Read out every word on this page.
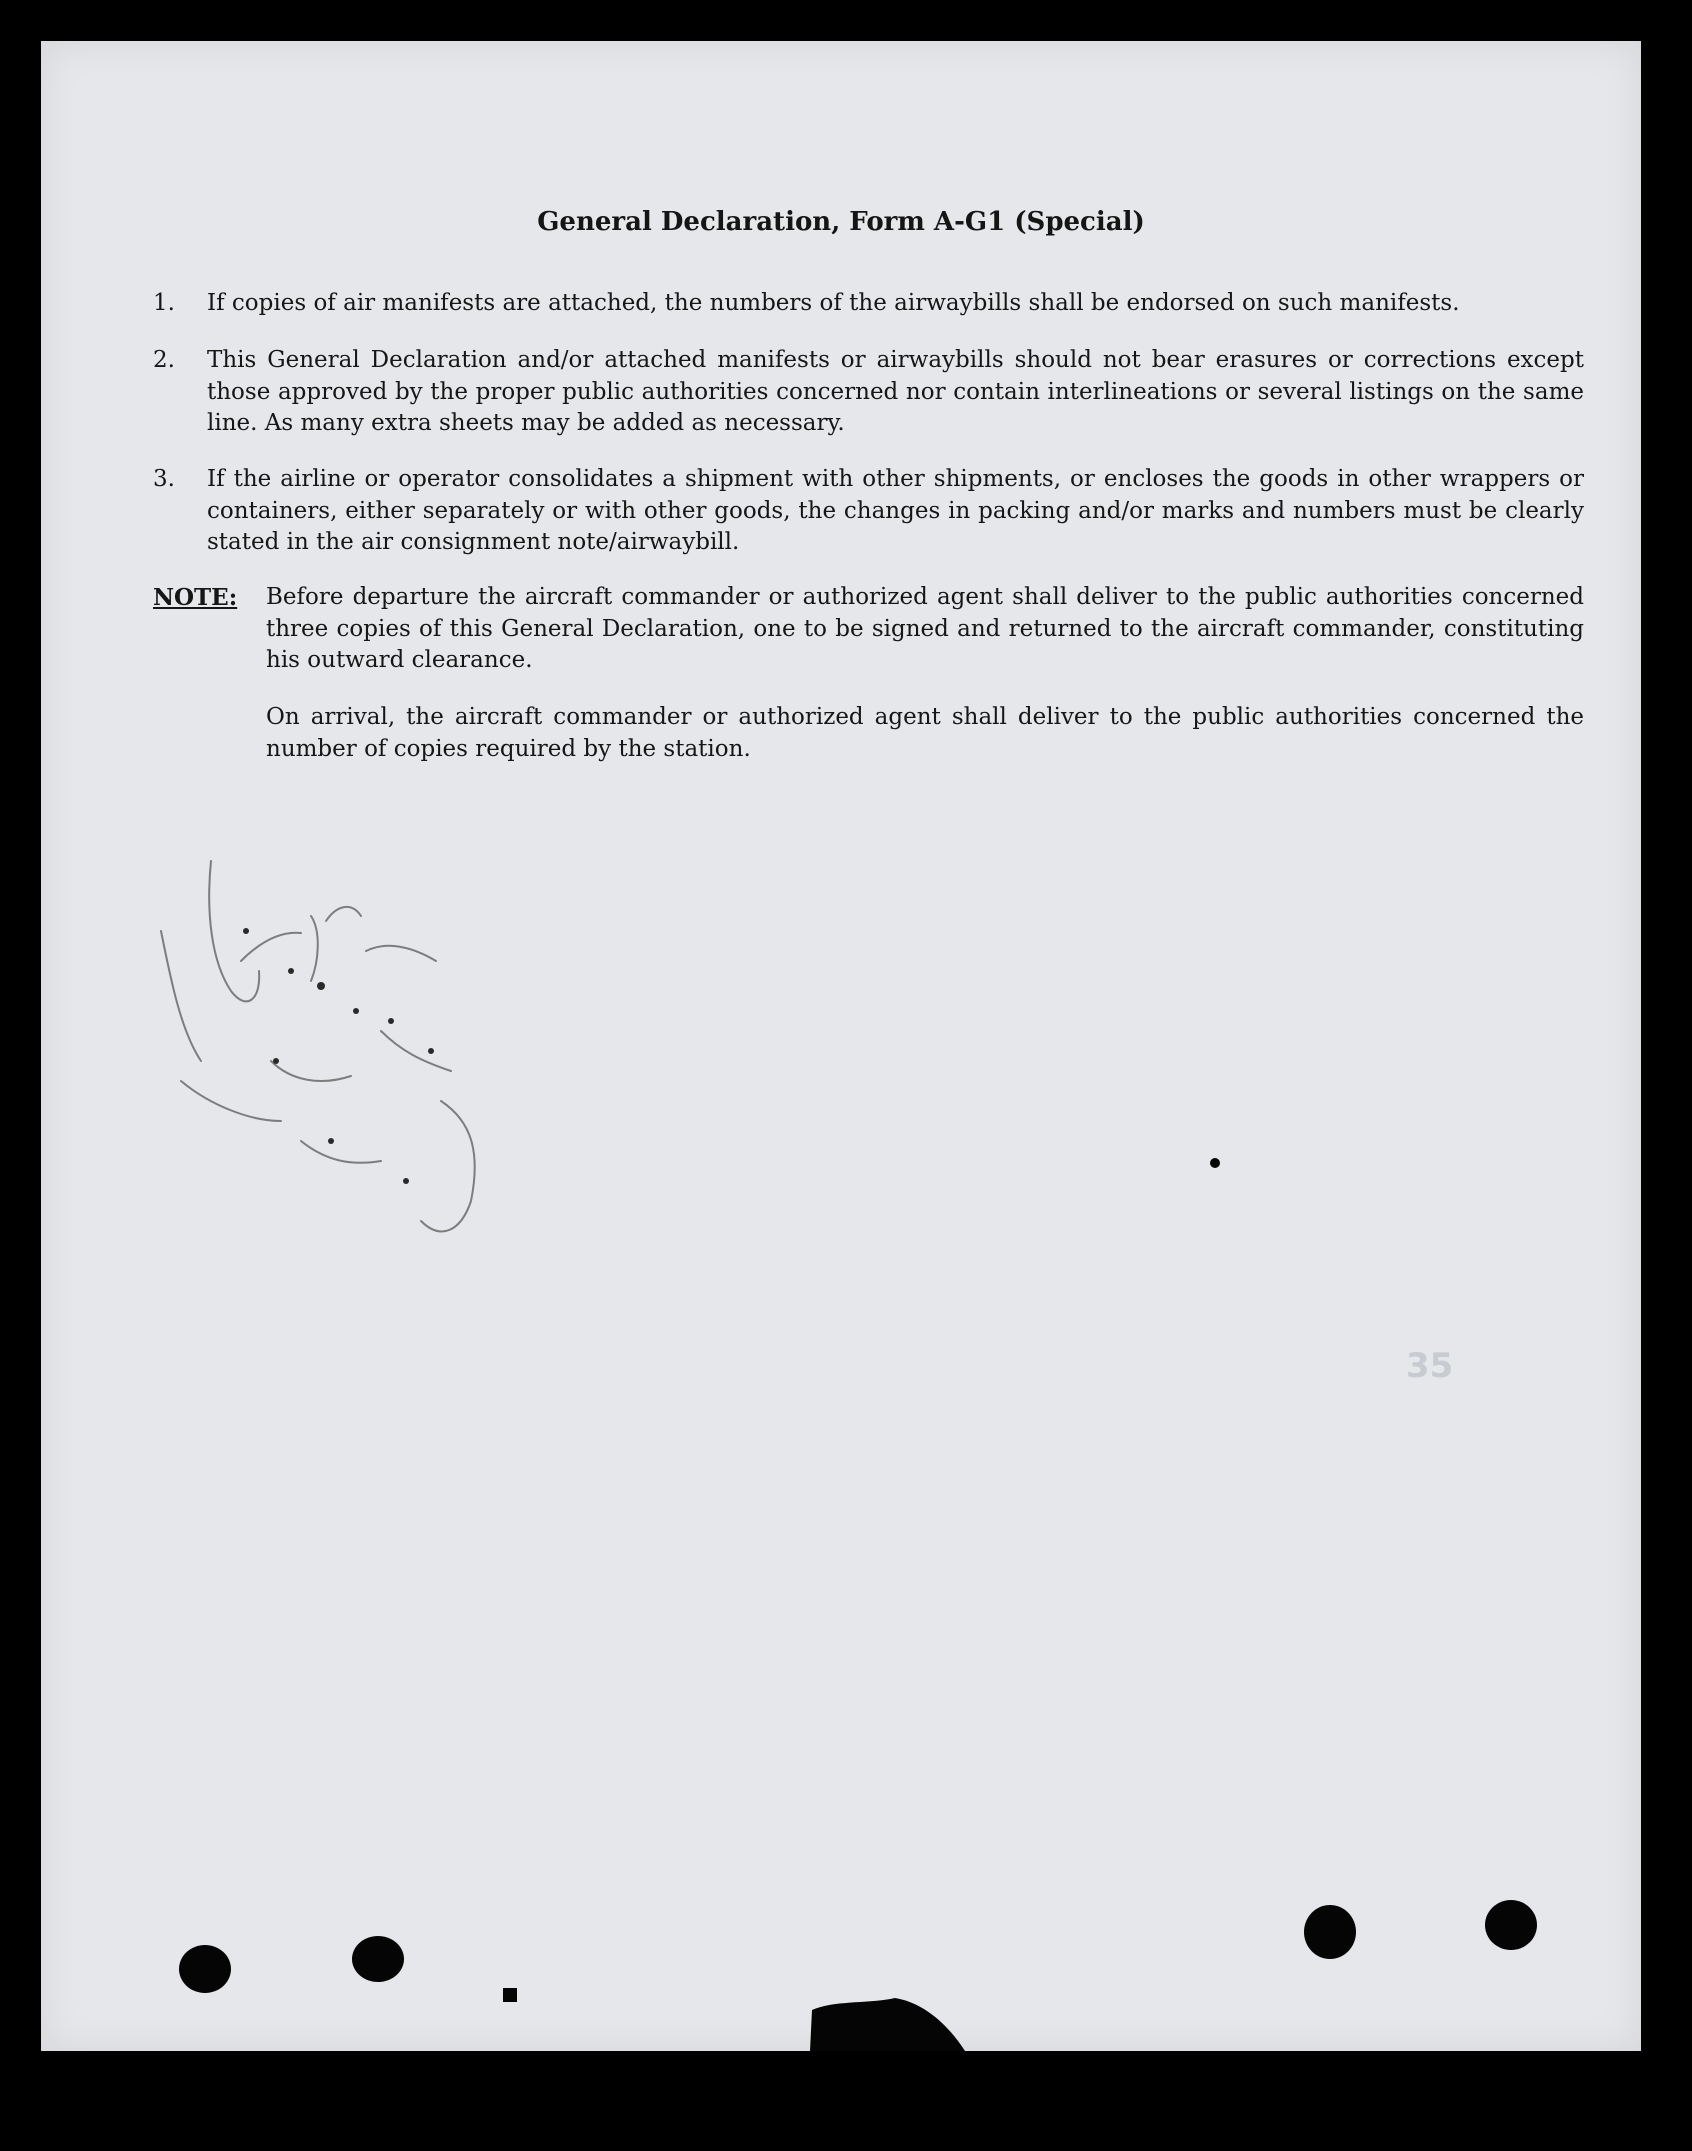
General Declaration, Form A-G1 (Special)
1.	If copies of air manifests are attached, the numbers of the airwaybills shall be endorsed on such manifests.
2.	This General Declaration and/or attached manifests or airwaybills should not bear erasures or corrections except those approved by the proper public authorities concerned nor contain interlineations or several listings on the same line. As many extra sheets may be added as necessary.
3.	If the airline or operator consolidates a shipment with other shipments, or encloses the goods in other wrappers or containers, either separately or with other goods, the changes in packing and/or marks and numbers must be clearly stated in the air consignment note/airwaybill.
NOTE: Before departure the aircraft commander or authorized agent shall deliver to the public authorities concerned three copies of this General Declaration, one to be signed and returned to the aircraft commander, constituting his outward clearance.
On arrival, the aircraft commander or authorized agent shall deliver to the public authorities concerned the number of copies required by the station.
35
